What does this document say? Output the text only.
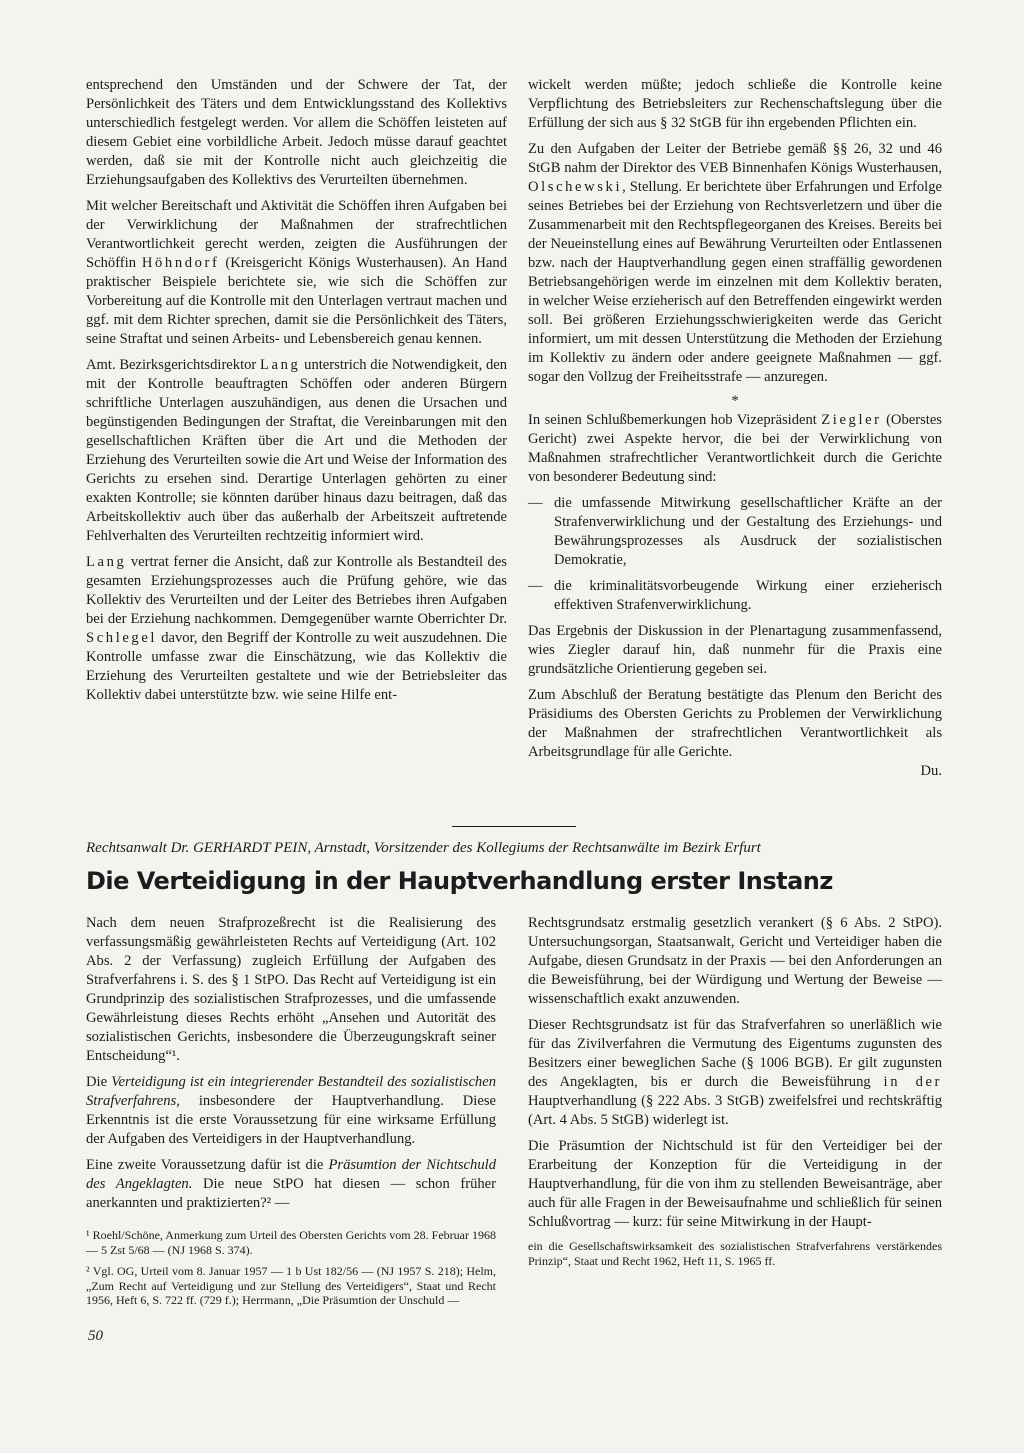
entsprechend den Umständen und der Schwere der Tat, der Persönlichkeit des Täters und dem Entwicklungsstand des Kollektivs unterschiedlich festgelegt werden. Vor allem die Schöffen leisteten auf diesem Gebiet eine vorbildliche Arbeit. Jedoch müsse darauf geachtet werden, daß sie mit der Kontrolle nicht auch gleichzeitig die Erziehungsaufgaben des Kollektivs des Verurteilten übernehmen.

Mit welcher Bereitschaft und Aktivität die Schöffen ihren Aufgaben bei der Verwirklichung der Maßnahmen der strafrechtlichen Verantwortlichkeit gerecht werden, zeigten die Ausführungen der Schöffin Höhndorf (Kreisgericht Königs Wusterhausen). An Hand praktischer Beispiele berichtete sie, wie sich die Schöffen zur Vorbereitung auf die Kontrolle mit den Unterlagen vertraut machen und ggf. mit dem Richter sprechen, damit sie die Persönlichkeit des Täters, seine Straftat und seinen Arbeits- und Lebensbereich genau kennen.

Amt. Bezirksgerichtsdirektor Lang unterstrich die Notwendigkeit, den mit der Kontrolle beauftragten Schöffen oder anderen Bürgern schriftliche Unterlagen auszuhändigen, aus denen die Ursachen und begünstigenden Bedingungen der Straftat, die Vereinbarungen mit den gesellschaftlichen Kräften über die Art und die Methoden der Erziehung des Verurteilten sowie die Art und Weise der Information des Gerichts zu ersehen sind. Derartige Unterlagen gehörten zu einer exakten Kontrolle; sie könnten darüber hinaus dazu beitragen, daß das Arbeitskollektiv auch über das außerhalb der Arbeitszeit auftretende Fehlverhalten des Verurteilten rechtzeitig informiert wird.

Lang vertrat ferner die Ansicht, daß zur Kontrolle als Bestandteil des gesamten Erziehungsprozesses auch die Prüfung gehöre, wie das Kollektiv des Verurteilten und der Leiter des Betriebes ihren Aufgaben bei der Erziehung nachkommen. Demgegenüber warnte Oberrichter Dr. Schlegel davor, den Begriff der Kontrolle zu weit auszudehnen. Die Kontrolle umfasse zwar die Einschätzung, wie das Kollektiv die Erziehung des Verurteilten gestaltete und wie der Betriebsleiter das Kollektiv dabei unterstützte bzw. wie seine Hilfe ent-

wickelt werden müßte; jedoch schließe die Kontrolle keine Verpflichtung des Betriebsleiters zur Rechenschaftslegung über die Erfüllung der sich aus § 32 StGB für ihn ergebenden Pflichten ein.

Zu den Aufgaben der Leiter der Betriebe gemäß §§ 26, 32 und 46 StGB nahm der Direktor des VEB Binnenhafen Königs Wusterhausen, Olschewski, Stellung. Er berichtete über Erfahrungen und Erfolge seines Betriebes bei der Erziehung von Rechtsverletzern und über die Zusammenarbeit mit den Rechtspflegeorganen des Kreises. Bereits bei der Neueinstellung eines auf Bewährung Verurteilten oder Entlassenen bzw. nach der Hauptverhandlung gegen einen straffällig gewordenen Betriebsangehörigen werde im einzelnen mit dem Kollektiv beraten, in welcher Weise erzieherisch auf den Betreffenden eingewirkt werden soll. Bei größeren Erziehungsschwierigkeiten werde das Gericht informiert, um mit dessen Unterstützung die Methoden der Erziehung im Kollektiv zu ändern oder andere geeignete Maßnahmen — ggf. sogar den Vollzug der Freiheitsstrafe — anzuregen.

*

In seinen Schlußbemerkungen hob Vizepräsident Ziegler (Oberstes Gericht) zwei Aspekte hervor, die bei der Verwirklichung von Maßnahmen strafrechtlicher Verantwortlichkeit durch die Gerichte von besonderer Bedeutung sind:

— die umfassende Mitwirkung gesellschaftlicher Kräfte an der Strafenverwirklichung und der Gestaltung des Erziehungs- und Bewährungsprozesses als Ausdruck der sozialistischen Demokratie,

— die kriminalitätsvorbeugende Wirkung einer erzieherisch effektiven Strafenverwirklichung.

Das Ergebnis der Diskussion in der Plenartagung zusammenfassend, wies Ziegler darauf hin, daß nunmehr für die Praxis eine grundsätzliche Orientierung gegeben sei.

Zum Abschluß der Beratung bestätigte das Plenum den Bericht des Präsidiums des Obersten Gerichts zu Problemen der Verwirklichung der Maßnahmen der strafrechtlichen Verantwortlichkeit als Arbeitsgrundlage für alle Gerichte.

Du.
Rechtsanwalt Dr. GERHARDT PEIN, Arnstadt, Vorsitzender des Kollegiums der Rechtsanwälte im Bezirk Erfurt
Die Verteidigung in der Hauptverhandlung erster Instanz

Nach dem neuen Strafprozeßrecht ist die Realisierung des verfassungsmäßig gewährleisteten Rechts auf Verteidigung (Art. 102 Abs. 2 der Verfassung) zugleich Erfüllung der Aufgaben des Strafverfahrens i. S. des § 1 StPO. Das Recht auf Verteidigung ist ein Grundprinzip des sozialistischen Strafprozesses, und die umfassende Gewährleistung dieses Rechts erhöht „Ansehen und Autorität des sozialistischen Gerichts, insbesondere die Überzeugungskraft seiner Entscheidung“¹.

Die Verteidigung ist ein integrierender Bestandteil des sozialistischen Strafverfahrens, insbesondere der Hauptverhandlung. Diese Erkenntnis ist die erste Voraussetzung für eine wirksame Erfüllung der Aufgaben des Verteidigers in der Hauptverhandlung.

Eine zweite Voraussetzung dafür ist die Präsumtion der Nichtschuld des Angeklagten. Die neue StPO hat diesen — schon früher anerkannten und praktizierten?² —

¹ Roehl/Schöne, Anmerkung zum Urteil des Obersten Gerichts vom 28. Februar 1968 — 5 Zst 5/68 — (NJ 1968 S. 374).

² Vgl. OG, Urteil vom 8. Januar 1957 — 1 b Ust 182/56 — (NJ 1957 S. 218); Helm, „Zum Recht auf Verteidigung und zur Stellung des Verteidigers“, Staat und Recht 1956, Heft 6, S. 722 ff. (729 f.); Herrmann, „Die Präsumtion der Unschuld —

Rechtsgrundsatz erstmalig gesetzlich verankert (§ 6 Abs. 2 StPO). Untersuchungsorgan, Staatsanwalt, Gericht und Verteidiger haben die Aufgabe, diesen Grundsatz in der Praxis — bei den Anforderungen an die Beweisführung, bei der Würdigung und Wertung der Beweise — wissenschaftlich exakt anzuwenden.

Dieser Rechtsgrundsatz ist für das Strafverfahren so unerläßlich wie für das Zivilverfahren die Vermutung des Eigentums zugunsten des Besitzers einer beweglichen Sache (§ 1006 BGB). Er gilt zugunsten des Angeklagten, bis er durch die Beweisführung in der Hauptverhandlung (§ 222 Abs. 3 StGB) zweifelsfrei und rechtskräftig (Art. 4 Abs. 5 StGB) widerlegt ist.

Die Präsumtion der Nichtschuld ist für den Verteidiger bei der Erarbeitung der Konzeption für die Verteidigung in der Hauptverhandlung, für die von ihm zu stellenden Beweisanträge, aber auch für alle Fragen in der Beweisaufnahme und schließlich für seinen Schlußvortrag — kurz: für seine Mitwirkung in der Haupt-

ein die Gesellschaftswirksamkeit des sozialistischen Strafverfahrens verstärkendes Prinzip“, Staat und Recht 1962, Heft 11, S. 1965 ff.

50
